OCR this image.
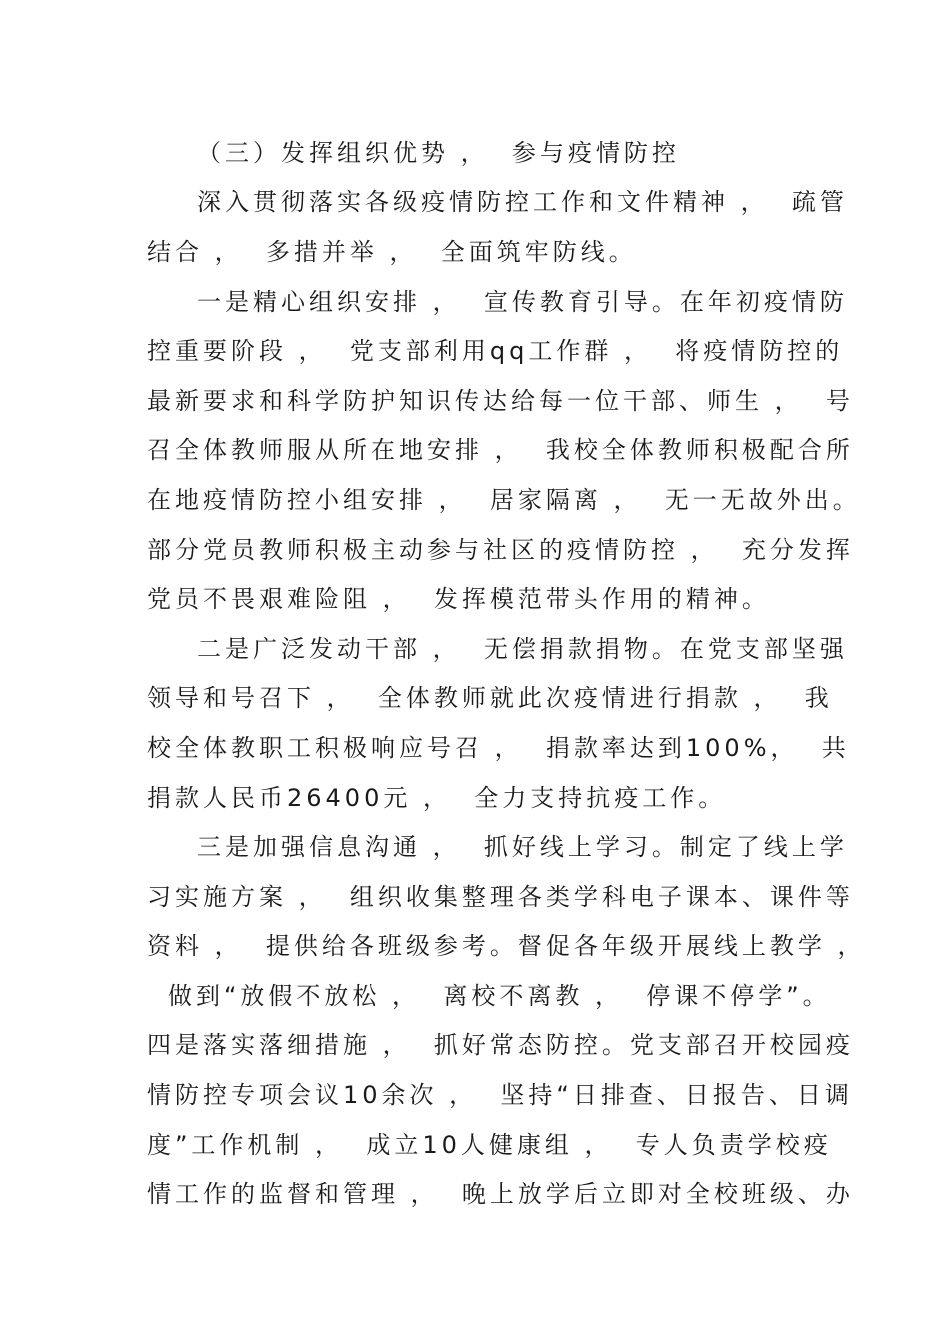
（三）发挥组织优势 ，  参与疫情防控
深入贯彻落实各级疫情防控工作和文件精神 ，  疏管
结合 ，  多措并举 ，  全面筑牢防线。
一是精心组织安排 ，  宣传教育引导。在年初疫情防
控重要阶段 ，  党支部利用qq工作群 ，  将疫情防控的
最新要求和科学防护知识传达给每一位干部、师生 ，  号
召全体教师服从所在地安排 ，  我校全体教师积极配合所
在地疫情防控小组安排 ，  居家隔离 ，  无一无故外出。
部分党员教师积极主动参与社区的疫情防控 ，  充分发挥
党员不畏艰难险阻 ，  发挥模范带头作用的精神。
二是广泛发动干部 ，  无偿捐款捐物。在党支部坚强
领导和号召下 ，  全体教师就此次疫情进行捐款 ，  我
校全体教职工积极响应号召 ，  捐款率达到100%，  共
捐款人民币26400元 ，  全力支持抗疫工作。
三是加强信息沟通 ，  抓好线上学习。制定了线上学
习实施方案 ，  组织收集整理各类学科电子课本、课件等
资料 ，  提供给各班级参考。督促各年级开展线上教学 ，
做到“放假不放松 ，  离校不离教 ，  停课不停学”。
四是落实落细措施 ，  抓好常态防控。党支部召开校园疫
情防控专项会议10余次 ，  坚持“日排查、日报告、日调
度”工作机制 ，  成立10人健康组 ，  专人负责学校疫
情工作的监督和管理 ，  晚上放学后立即对全校班级、办
